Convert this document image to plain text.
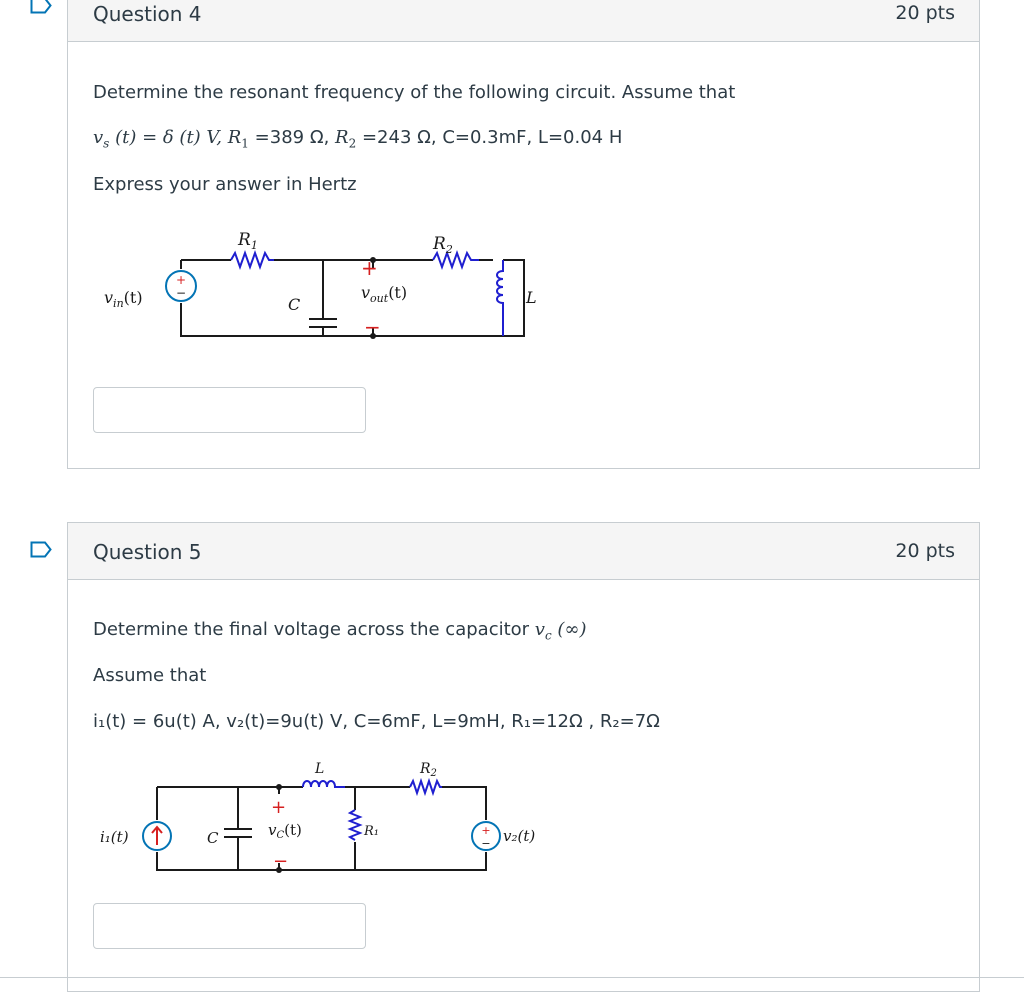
Question 4	20 pts
Determine the resonant frequency of the following circuit. Assume that
$v_s$ (t) = δ (t) V, $R_1 =389$ Ω, $R_2 =243$ Ω, C=0.3mF, L=0.04 H
Express your answer in Hertz
+
−
$R_1$	$R_2$
$v_{in}(t)$	C
+
−
$v_{out}(t)$	L
Question 5	20 pts
Determine the final voltage across the capacitor $v_c$ (∞)
Assume that
i₁(t) = 6u(t) A, v₂(t)=9u(t) V, C=6mF, L=9mH, R₁=12Ω , R₂=7Ω
+
−
i₁(t)	C
L
+
−
$v_C(t)$	R₁
$R_2$
v₂(t)
